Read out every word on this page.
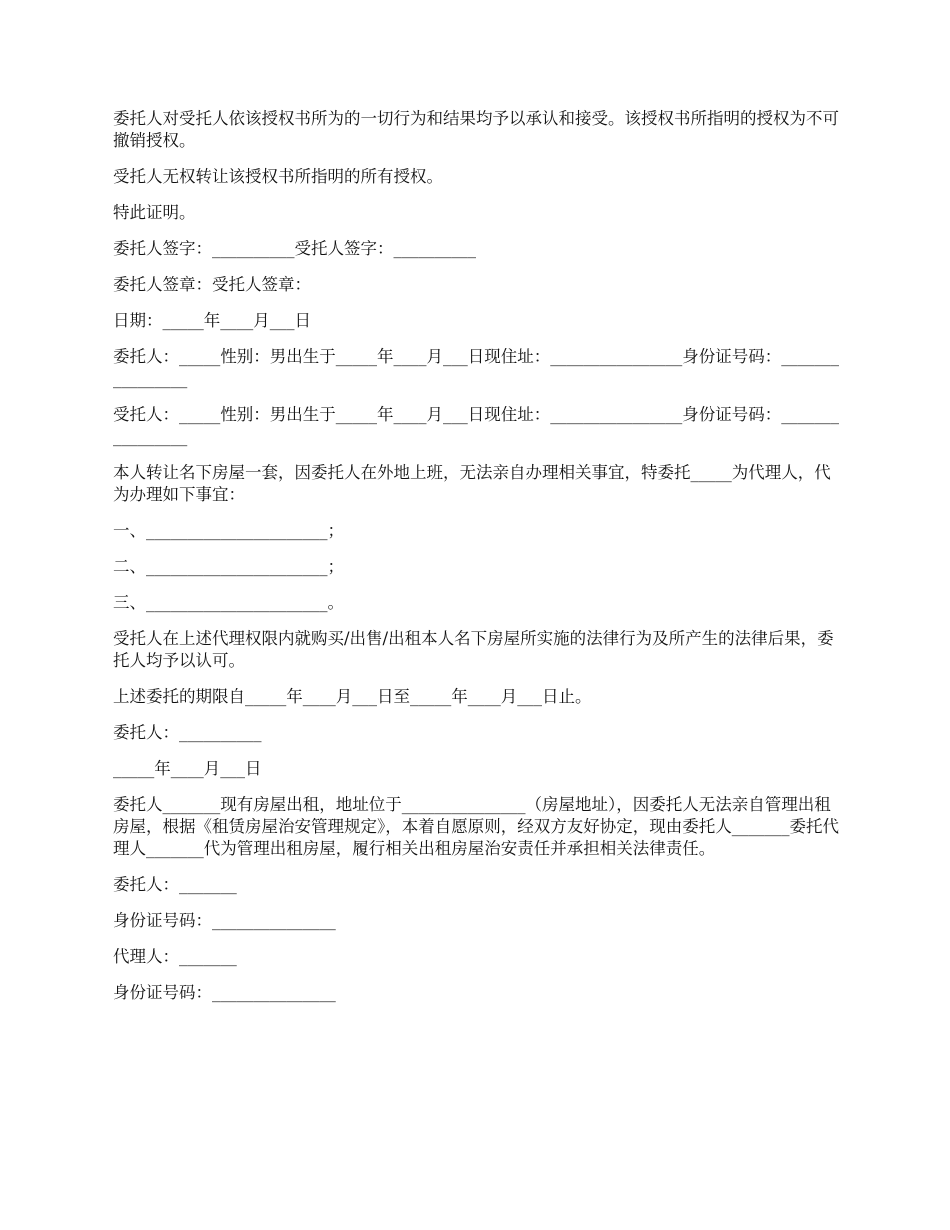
委托人对受托人依该授权书所为的一切行为和结果均予以承认和接受。该授权书所指明的授权为不可撤销授权。

受托人无权转让该授权书所指明的所有授权。

特此证明。

委托人签字：__________受托人签字：__________

委托人签章：受托人签章：

日期：_____年____月___日

委托人：_____性别：男出生于_____年____月___日现住址：________________身份证号码：________________

受托人：_____性别：男出生于_____年____月___日现住址：________________身份证号码：________________

本人转让名下房屋一套，因委托人在外地上班，无法亲自办理相关事宜，特委托_____为代理人，代为办理如下事宜：

一、______________________；

二、______________________；

三、______________________。

受托人在上述代理权限内就购买/出售/出租本人名下房屋所实施的法律行为及所产生的法律后果，委托人均予以认可。

上述委托的期限自_____年____月___日至_____年____月___日止。

委托人：__________

_____年____月___日

委托人_______现有房屋出租，地址位于_______________（房屋地址），因委托人无法亲自管理出租房屋，根据《租赁房屋治安管理规定》，本着自愿原则，经双方友好协定，现由委托人_______委托代理人_______代为管理出租房屋，履行相关出租房屋治安责任并承担相关法律责任。

委托人：_______

身份证号码：_______________

代理人：_______

身份证号码：_______________
